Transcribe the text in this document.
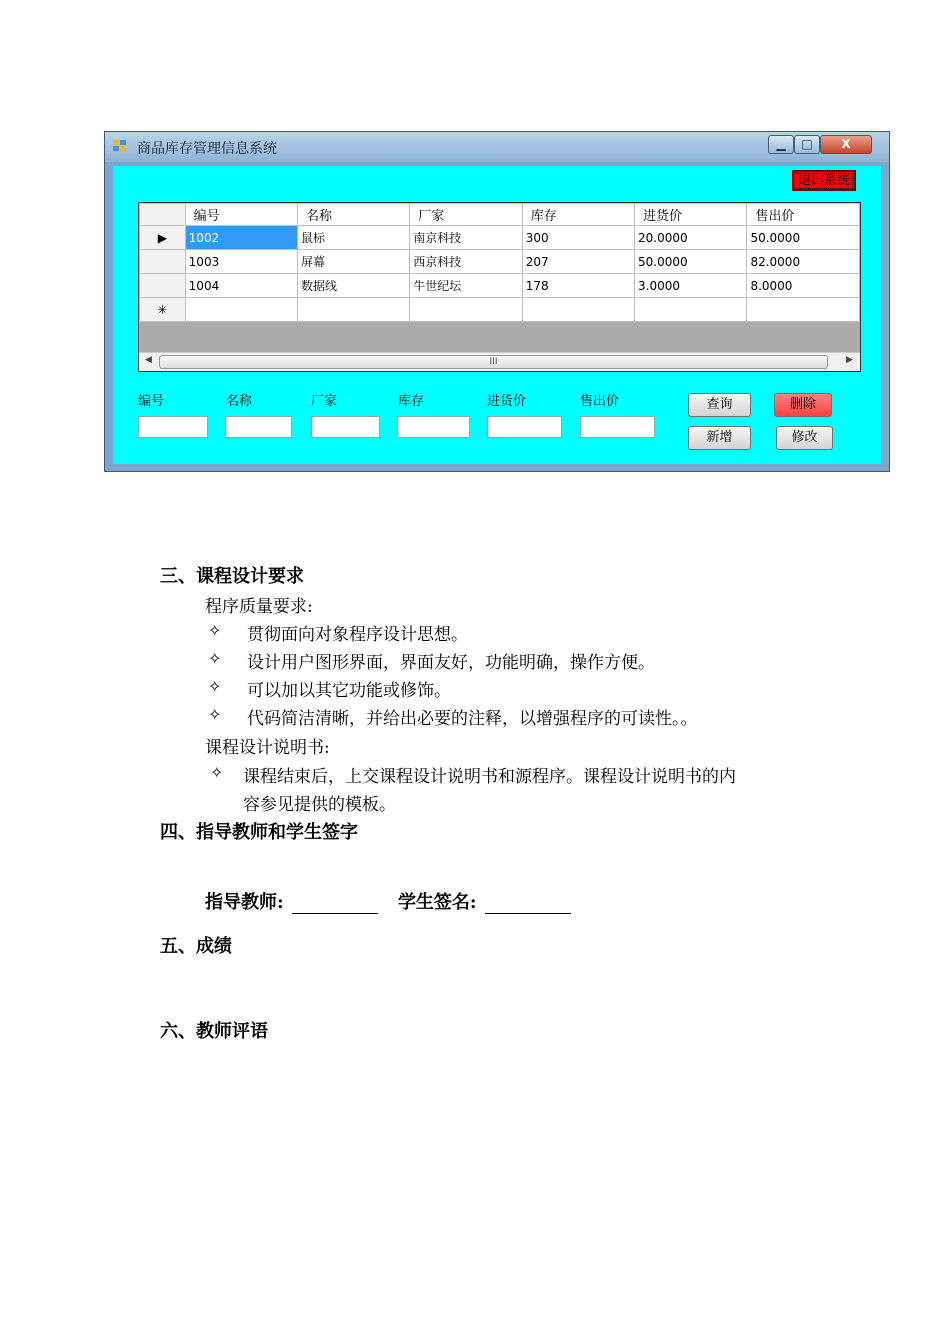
商品库存管理信息系统	▁	□	X
退出系统
	编号	名称	厂家	库存	进货价	售出价
▶	1002	鼠标	南京科技	300	20.0000	50.0000
	1003	屏幕	西京科技	207	50.0000	82.0000
	1004	数据线	牛世纪坛	178	3.0000	8.0000
✳						
◀	III	▶
编号	名称	厂家	库存	进货价	售出价	查询	删除
新增	修改
三、课程设计要求
程序质量要求:
✧ 贯彻面向对象程序设计思想。
✧ 设计用户图形界面，界面友好，功能明确，操作方便。
✧ 可以加以其它功能或修饰。
✧ 代码简洁清晰，并给出必要的注释，以增强程序的可读性。。
课程设计说明书:
✧ 课程结束后，上交课程设计说明书和源程序。课程设计说明书的内
容参见提供的模板。
四、指导教师和学生签字
指导教师:	学生签名:
五、成绩
六、教师评语
